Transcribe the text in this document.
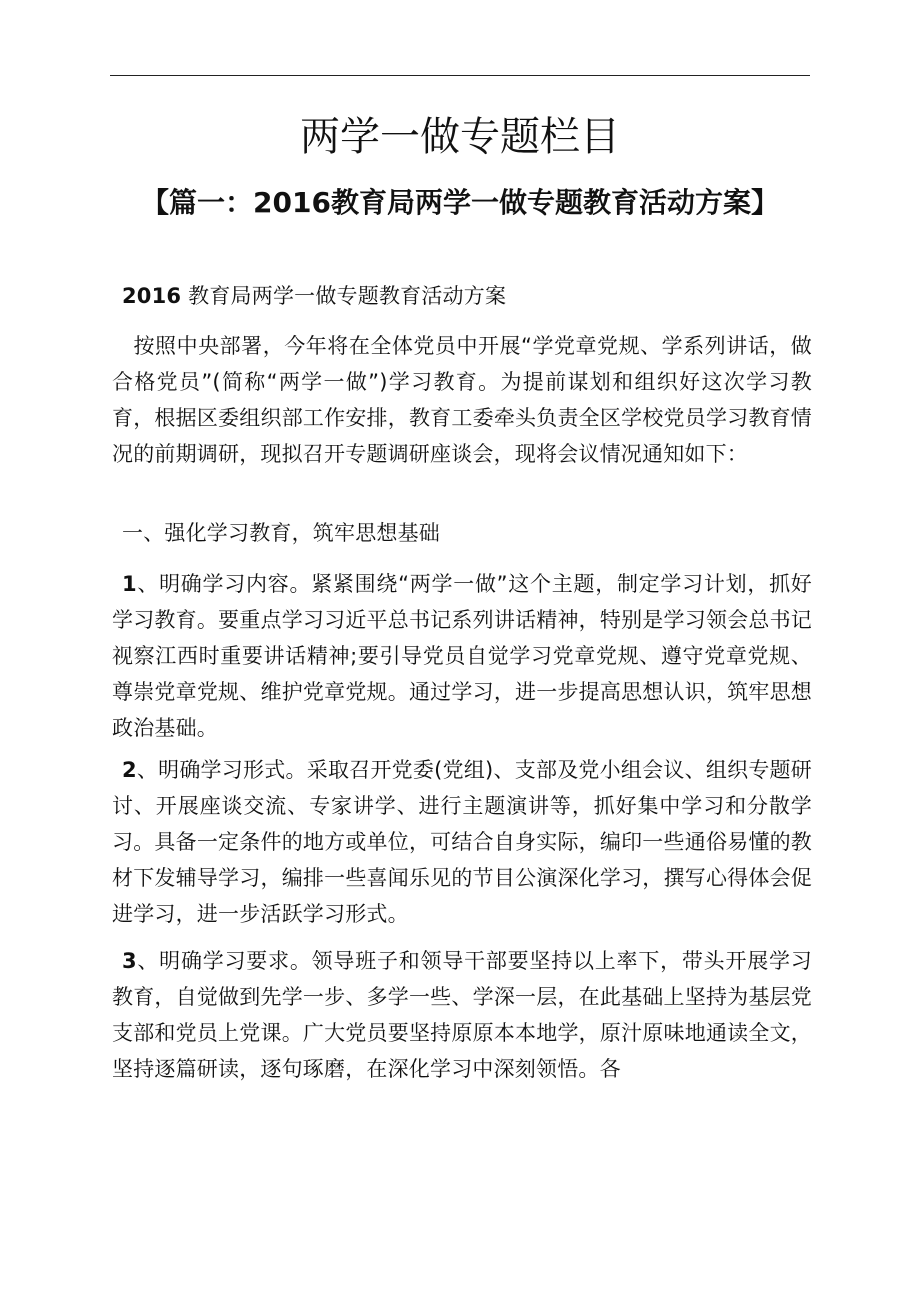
两学一做专题栏目
【篇一：2016教育局两学一做专题教育活动方案】

2016 教育局两学一做专题教育活动方案

 按照中央部署，今年将在全体党员中开展“学党章党规、学系列讲话，做合格党员”(简称“两学一做”)学习教育。为提前谋划和组织好这次学习教育，根据区委组织部工作安排，教育工委牵头负责全区学校党员学习教育情况的前期调研，现拟召开专题调研座谈会，现将会议情况通知如下：

一、强化学习教育，筑牢思想基础

1、明确学习内容。紧紧围绕“两学一做”这个主题，制定学习计划，抓好学习教育。要重点学习习近平总书记系列讲话精神，特别是学习领会总书记视察江西时重要讲话精神;要引导党员自觉学习党章党规、遵守党章党规、尊崇党章党规、维护党章党规。通过学习，进一步提高思想认识，筑牢思想政治基础。

2、明确学习形式。采取召开党委(党组)、支部及党小组会议、组织专题研讨、开展座谈交流、专家讲学、进行主题演讲等，抓好集中学习和分散学习。具备一定条件的地方或单位，可结合自身实际，编印一些通俗易懂的教材下发辅导学习，编排一些喜闻乐见的节目公演深化学习，撰写心得体会促进学习，进一步活跃学习形式。

3、明确学习要求。领导班子和领导干部要坚持以上率下，带头开展学习教育，自觉做到先学一步、多学一些、学深一层，在此基础上坚持为基层党支部和党员上党课。广大党员要坚持原原本本地学，原汁原味地通读全文，坚持逐篇研读，逐句琢磨，在深化学习中深刻领悟。各
